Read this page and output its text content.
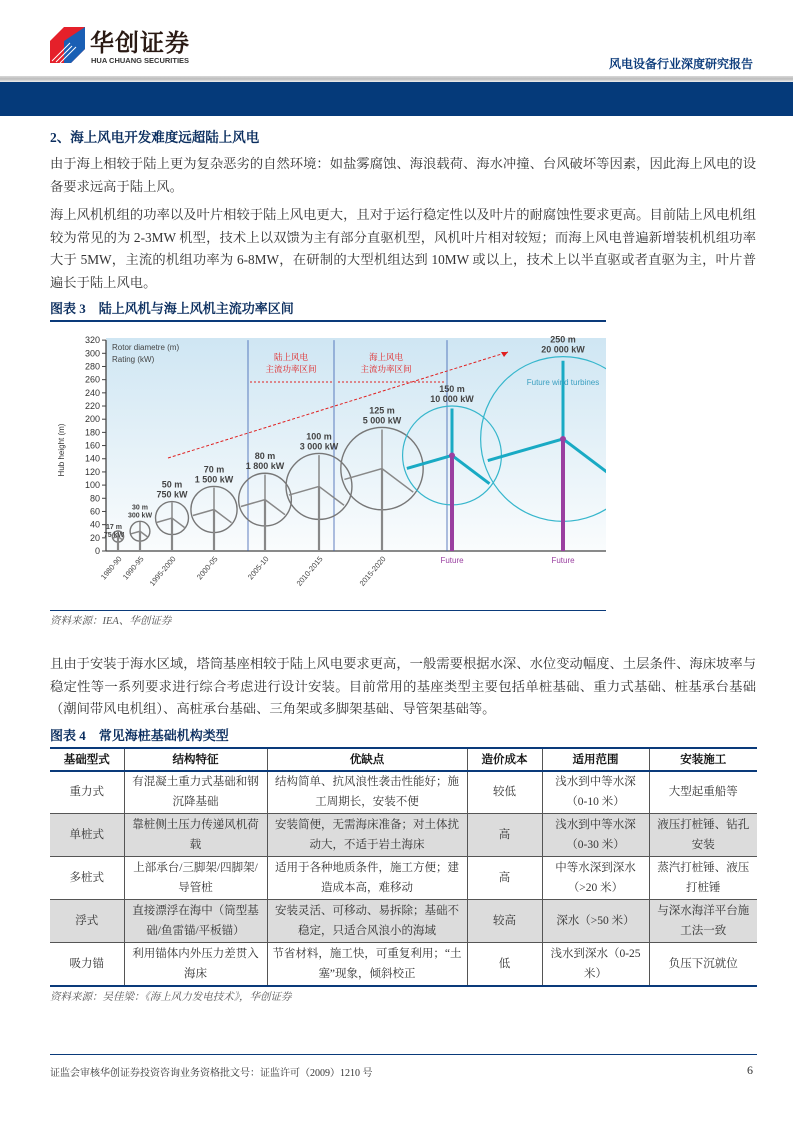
华创证券
HUA CHUANG SECURITIES	风电设备行业深度研究报告
2、海上风电开发难度远超陆上风电
由于海上相较于陆上更为复杂恶劣的自然环境：如盐雾腐蚀、海浪载荷、海水冲撞、台风破坏等因素，因此海上风电的设备要求远高于陆上风。
海上风机机组的功率以及叶片相较于陆上风电更大，且对于运行稳定性以及叶片的耐腐蚀性要求更高。目前陆上风电机组较为常见的为 2-3MW 机型，技术上以双馈为主有部分直驱机型，风机叶片相对较短；而海上风电普遍新增装机机组功率大于 5MW，主流的机组功率为 6-8MW，在研制的大型机组达到 10MW 或以上，技术上以半直驱或者直驱为主，叶片普遍长于陆上风电。
图表 3　陆上风机与海上风机主流功率区间
0
20
40
60
80
100
120
140
160
180
200
220
240
260
280
300
320
Hub height (m)
Rotor diametre (m)
Rating (kW)
17 m
75 kW
1980-90
30 m
300 kW
1990-95
50 m
750 kW
1995-2000
70 m
1 500 kW
2000-05
80 m
1 800 kW
2005-10
100 m
3 000 kW
2010-2015
125 m
5 000 kW
2015-2020
150 m
10 000 kW
Future
250 m
20 000 kW
Future
Future wind turbines
陆上风电
主流功率区间
海上风电
主流功率区间
资料来源：IEA、华创证券
且由于安装于海水区域，塔筒基座相较于陆上风电要求更高，一般需要根据水深、水位变动幅度、土层条件、海床坡率与稳定性等一系列要求进行综合考虑进行设计安装。目前常用的基座类型主要包括单桩基础、重力式基础、桩基承台基础（潮间带风电机组）、高桩承台基础、三角架或多脚架基础、导管架基础等。
图表 4　常见海桩基础机构类型
基础型式	结构特征	优缺点	造价成本	适用范围	安装施工
重力式	有混凝土重力式基础和钢沉降基础	结构简单、抗风浪性袭击性能好；施工周期长，安装不便	较低	浅水到中等水深（0-10 米）	大型起重船等
单桩式	靠桩侧土压力传递风机荷载	安装简便，无需海床准备；对土体扰动大，不适于岩土海床	高	浅水到中等水深（0-30 米）	液压打桩锤、钻孔安装
多桩式	上部承台/三脚架/四脚架/导管桩	适用于各种地质条件，施工方便；建造成本高，难移动	高	中等水深到深水（>20 米）	蒸汽打桩锤、液压打桩锤
浮式	直接漂浮在海中（筒型基础/鱼雷锚/平板锚）	安装灵活、可移动、易拆除；基础不稳定，只适合风浪小的海域	较高	深水（>50 米）	与深水海洋平台施工法一致
吸力锚	利用锚体内外压力差贯入海床	节省材料，施工快，可重复利用；“土塞”现象，倾斜校正	低	浅水到深水（0-25 米）	负压下沉就位
资料来源：吴佳梁：《海上风力发电技术》，华创证券
证监会审核华创证券投资咨询业务资格批文号：证监许可（2009）1210 号	6
